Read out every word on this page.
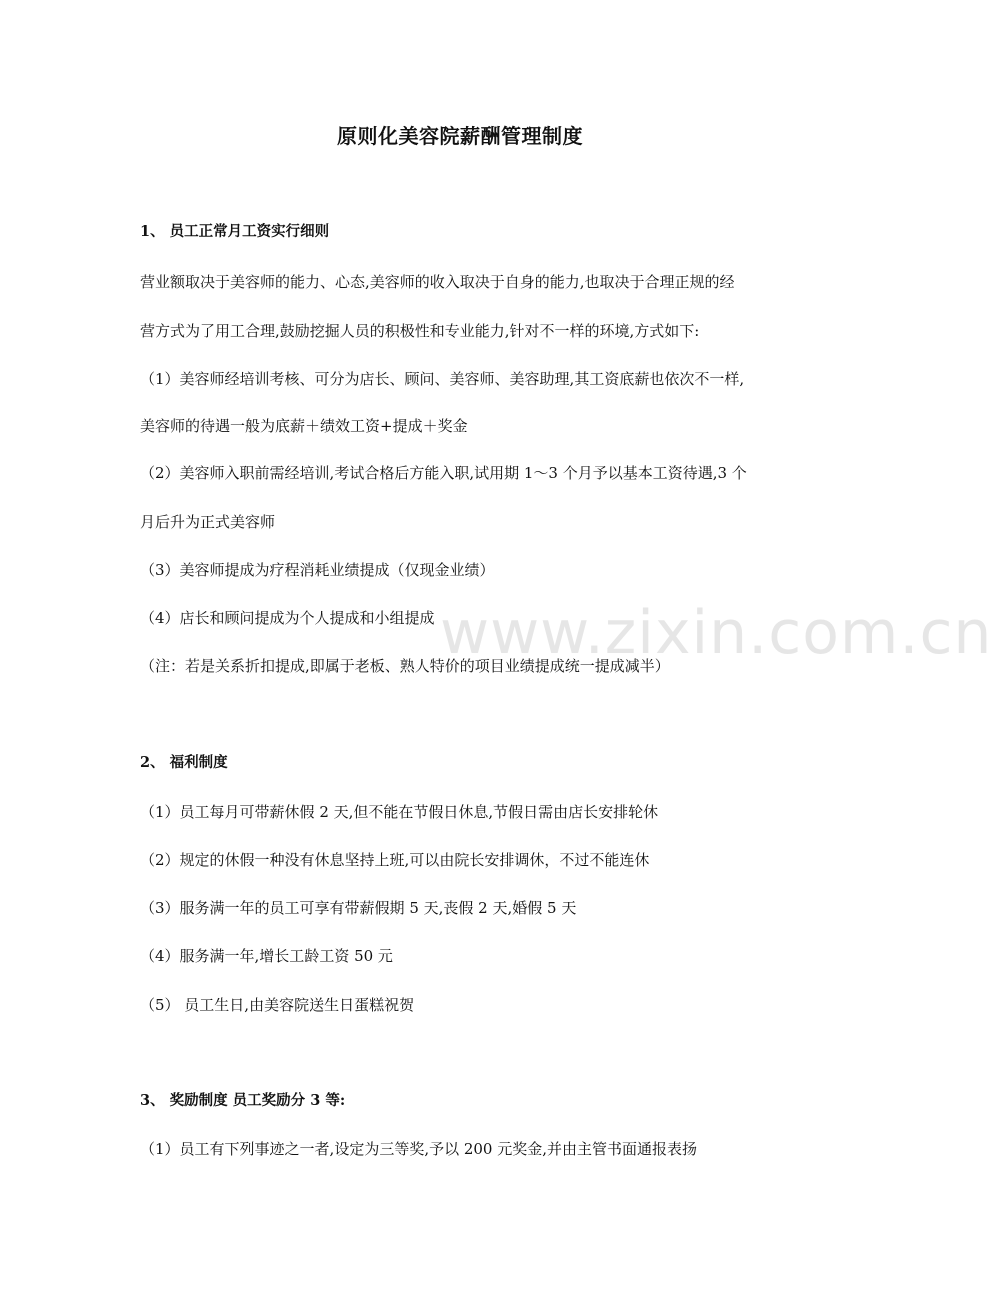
www.zixin.com.cn
原则化美容院薪酬管理制度
1、 员工正常月工资实行细则
营业额取决于美容师的能力、心态,美容师的收入取决于自身的能力,也取决于合理正规的经
营方式为了用工合理,鼓励挖掘人员的积极性和专业能力,针对不一样的环境,方式如下:
（1）美容师经培训考核、可分为店长、顾问、美容师、美容助理,其工资底薪也依次不一样,
美容师的待遇一般为底薪＋绩效工资+提成＋奖金
（2）美容师入职前需经培训,考试合格后方能入职,试用期 1～3 个月予以基本工资待遇,3 个
月后升为正式美容师
（3）美容师提成为疗程消耗业绩提成（仅现金业绩）
（4）店长和顾问提成为个人提成和小组提成
（注：若是关系折扣提成,即属于老板、熟人特价的项目业绩提成统一提成减半）
2、 福利制度
（1）员工每月可带薪休假 2 天,但不能在节假日休息,节假日需由店长安排轮休
（2）规定的休假一种没有休息坚持上班,可以由院长安排调休，不过不能连休
（3）服务满一年的员工可享有带薪假期 5 天,丧假 2 天,婚假 5 天
（4）服务满一年,增长工龄工资 50 元
（5） 员工生日,由美容院送生日蛋糕祝贺
3、 奖励制度 员工奖励分 3 等:
（1）员工有下列事迹之一者,设定为三等奖,予以 200 元奖金,并由主管书面通报表扬
